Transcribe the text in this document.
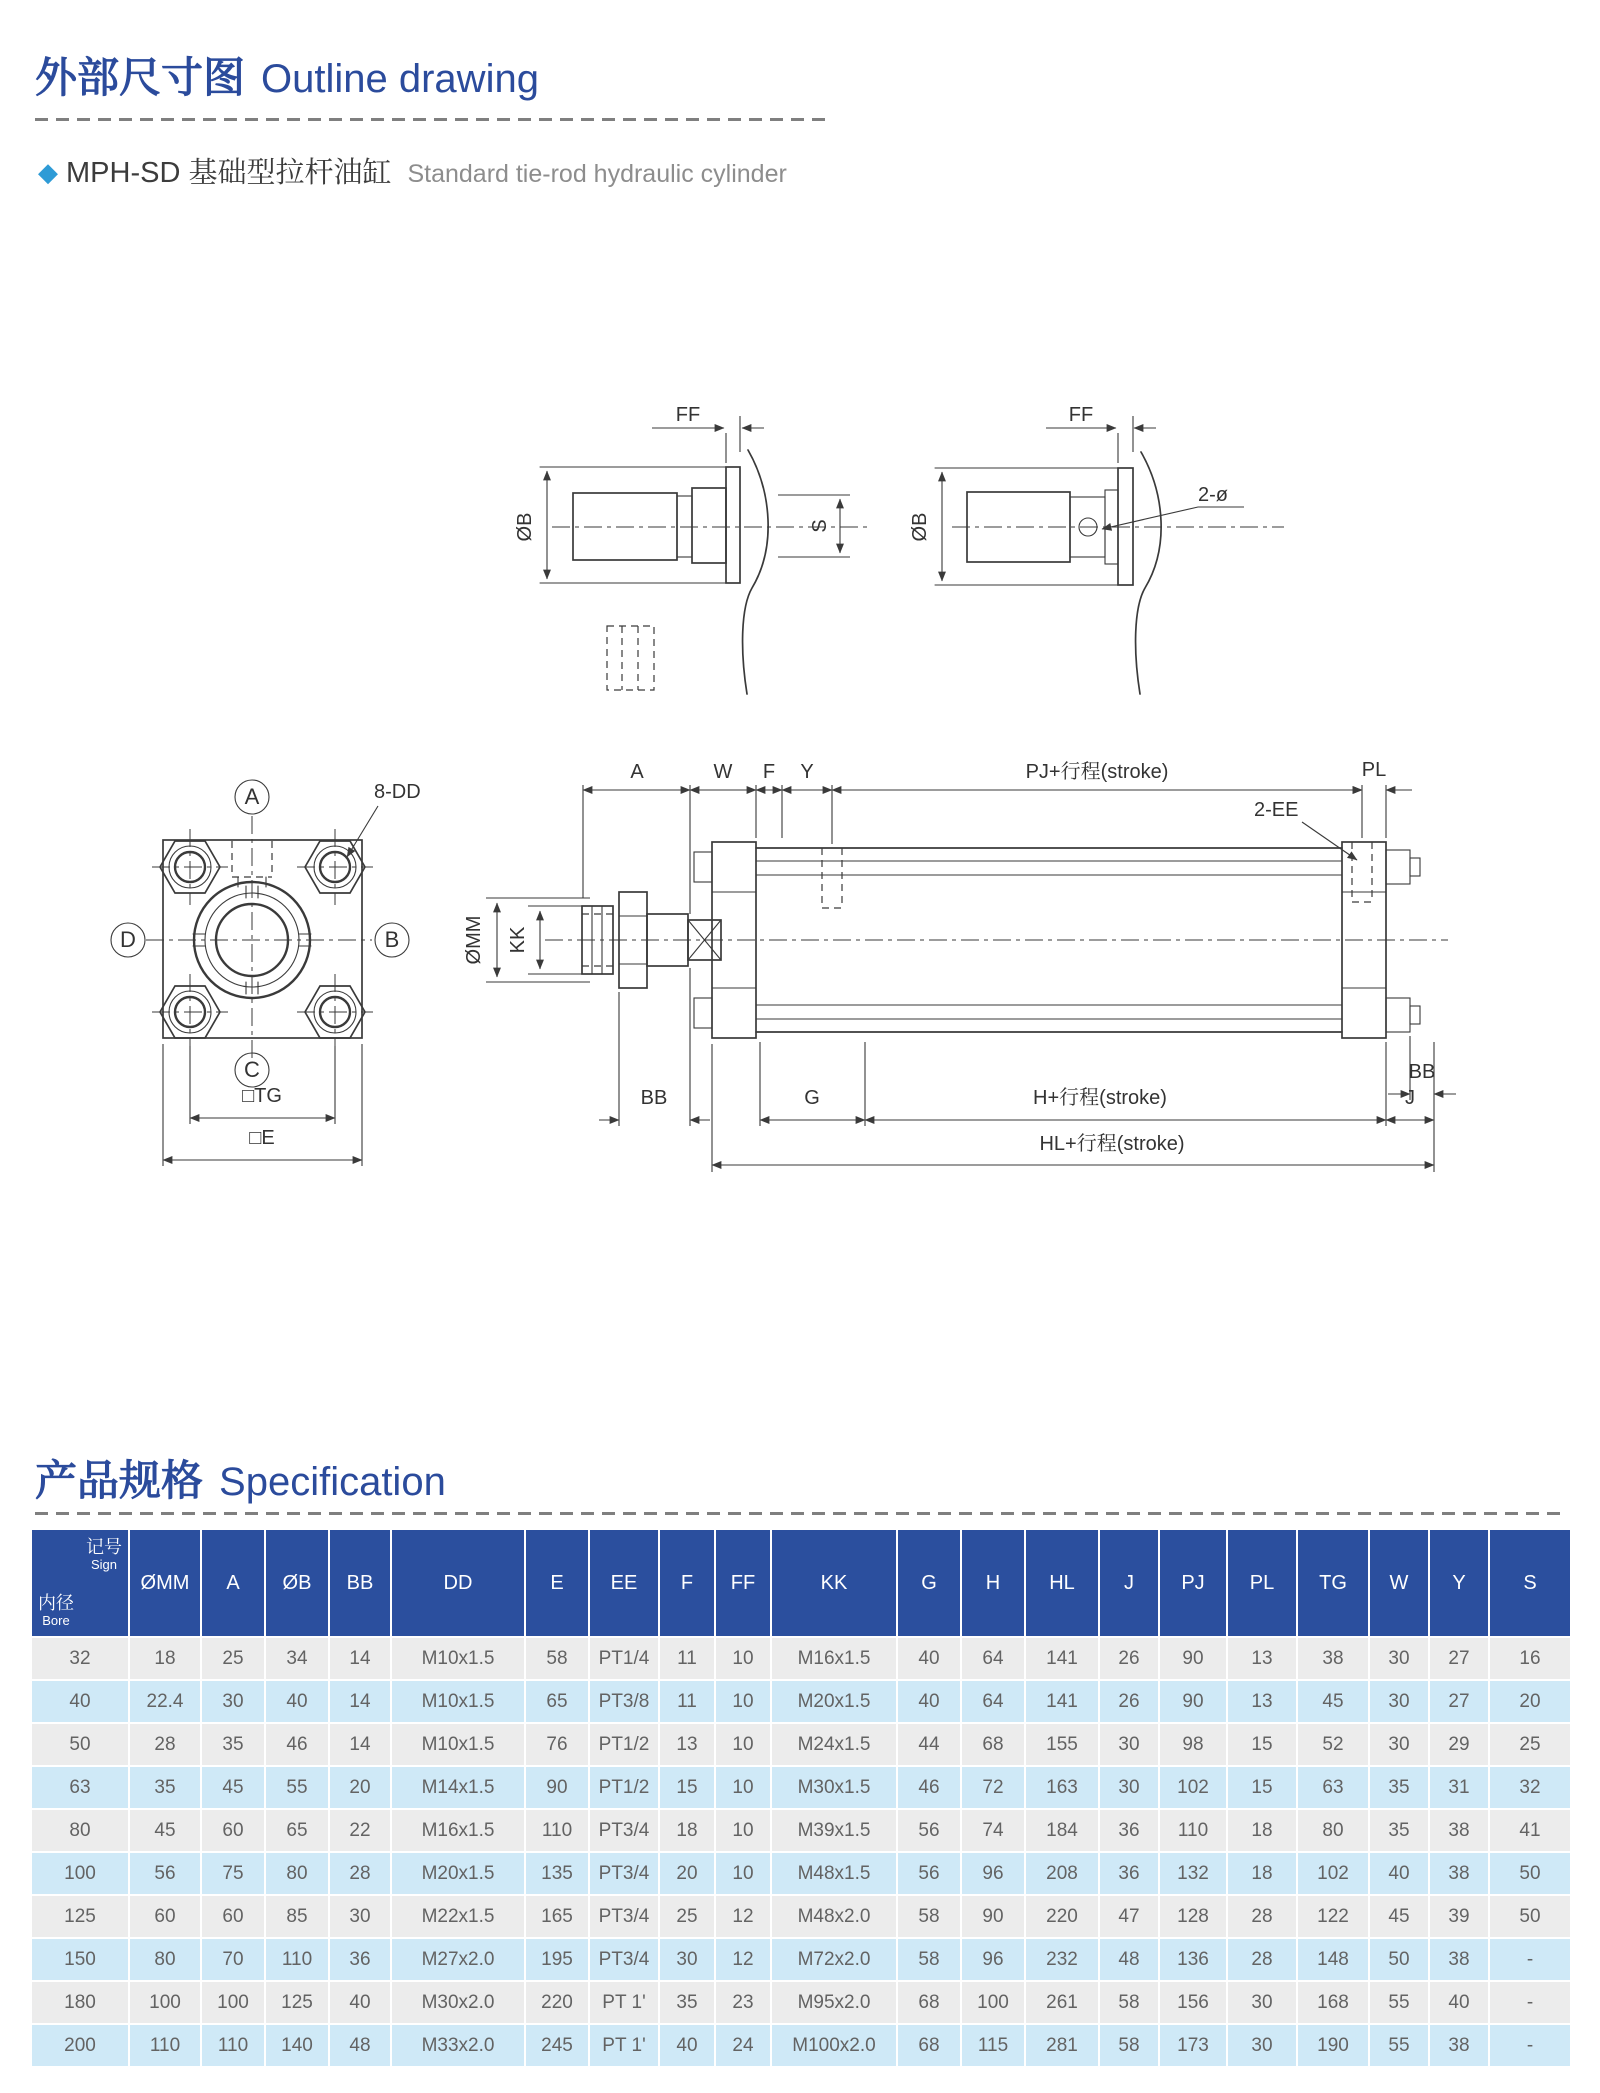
外部尺寸图 Outline drawing
◆ MPH-SD 基础型拉杆油缸 Standard tie-rod hydraulic cylinder
ØB
FF
S	ØB
FF
2-ø
A
B
C
D
8-DD
□TG
□E
A	W F Y	PJ+行程(stroke)	PL
2-EE
ØMM KK
BB	G	H+行程(stroke)	J
BB
HL+行程(stroke)
产品规格 Specification
记号
Sign
内径
Bore	ØMM	A	ØB	BB	DD	E	EE	F	FF	KK	G	H	HL	J	PJ	PL	TG	W	Y	S
32	18	25	34	14	M10x1.5	58	PT1/4	11	10	M16x1.5	40	64	141	26	90	13	38	30	27	16
40	22.4	30	40	14	M10x1.5	65	PT3/8	11	10	M20x1.5	40	64	141	26	90	13	45	30	27	20
50	28	35	46	14	M10x1.5	76	PT1/2	13	10	M24x1.5	44	68	155	30	98	15	52	30	29	25
63	35	45	55	20	M14x1.5	90	PT1/2	15	10	M30x1.5	46	72	163	30	102	15	63	35	31	32
80	45	60	65	22	M16x1.5	110	PT3/4	18	10	M39x1.5	56	74	184	36	110	18	80	35	38	41
100	56	75	80	28	M20x1.5	135	PT3/4	20	10	M48x1.5	56	96	208	36	132	18	102	40	38	50
125	60	60	85	30	M22x1.5	165	PT3/4	25	12	M48x2.0	58	90	220	47	128	28	122	45	39	50
150	80	70	110	36	M27x2.0	195	PT3/4	30	12	M72x2.0	58	96	232	48	136	28	148	50	38	-
180	100	100	125	40	M30x2.0	220	PT 1'	35	23	M95x2.0	68	100	261	58	156	30	168	55	40	-
200	110	110	140	48	M33x2.0	245	PT 1'	40	24	M100x2.0	68	115	281	58	173	30	190	55	38	-
